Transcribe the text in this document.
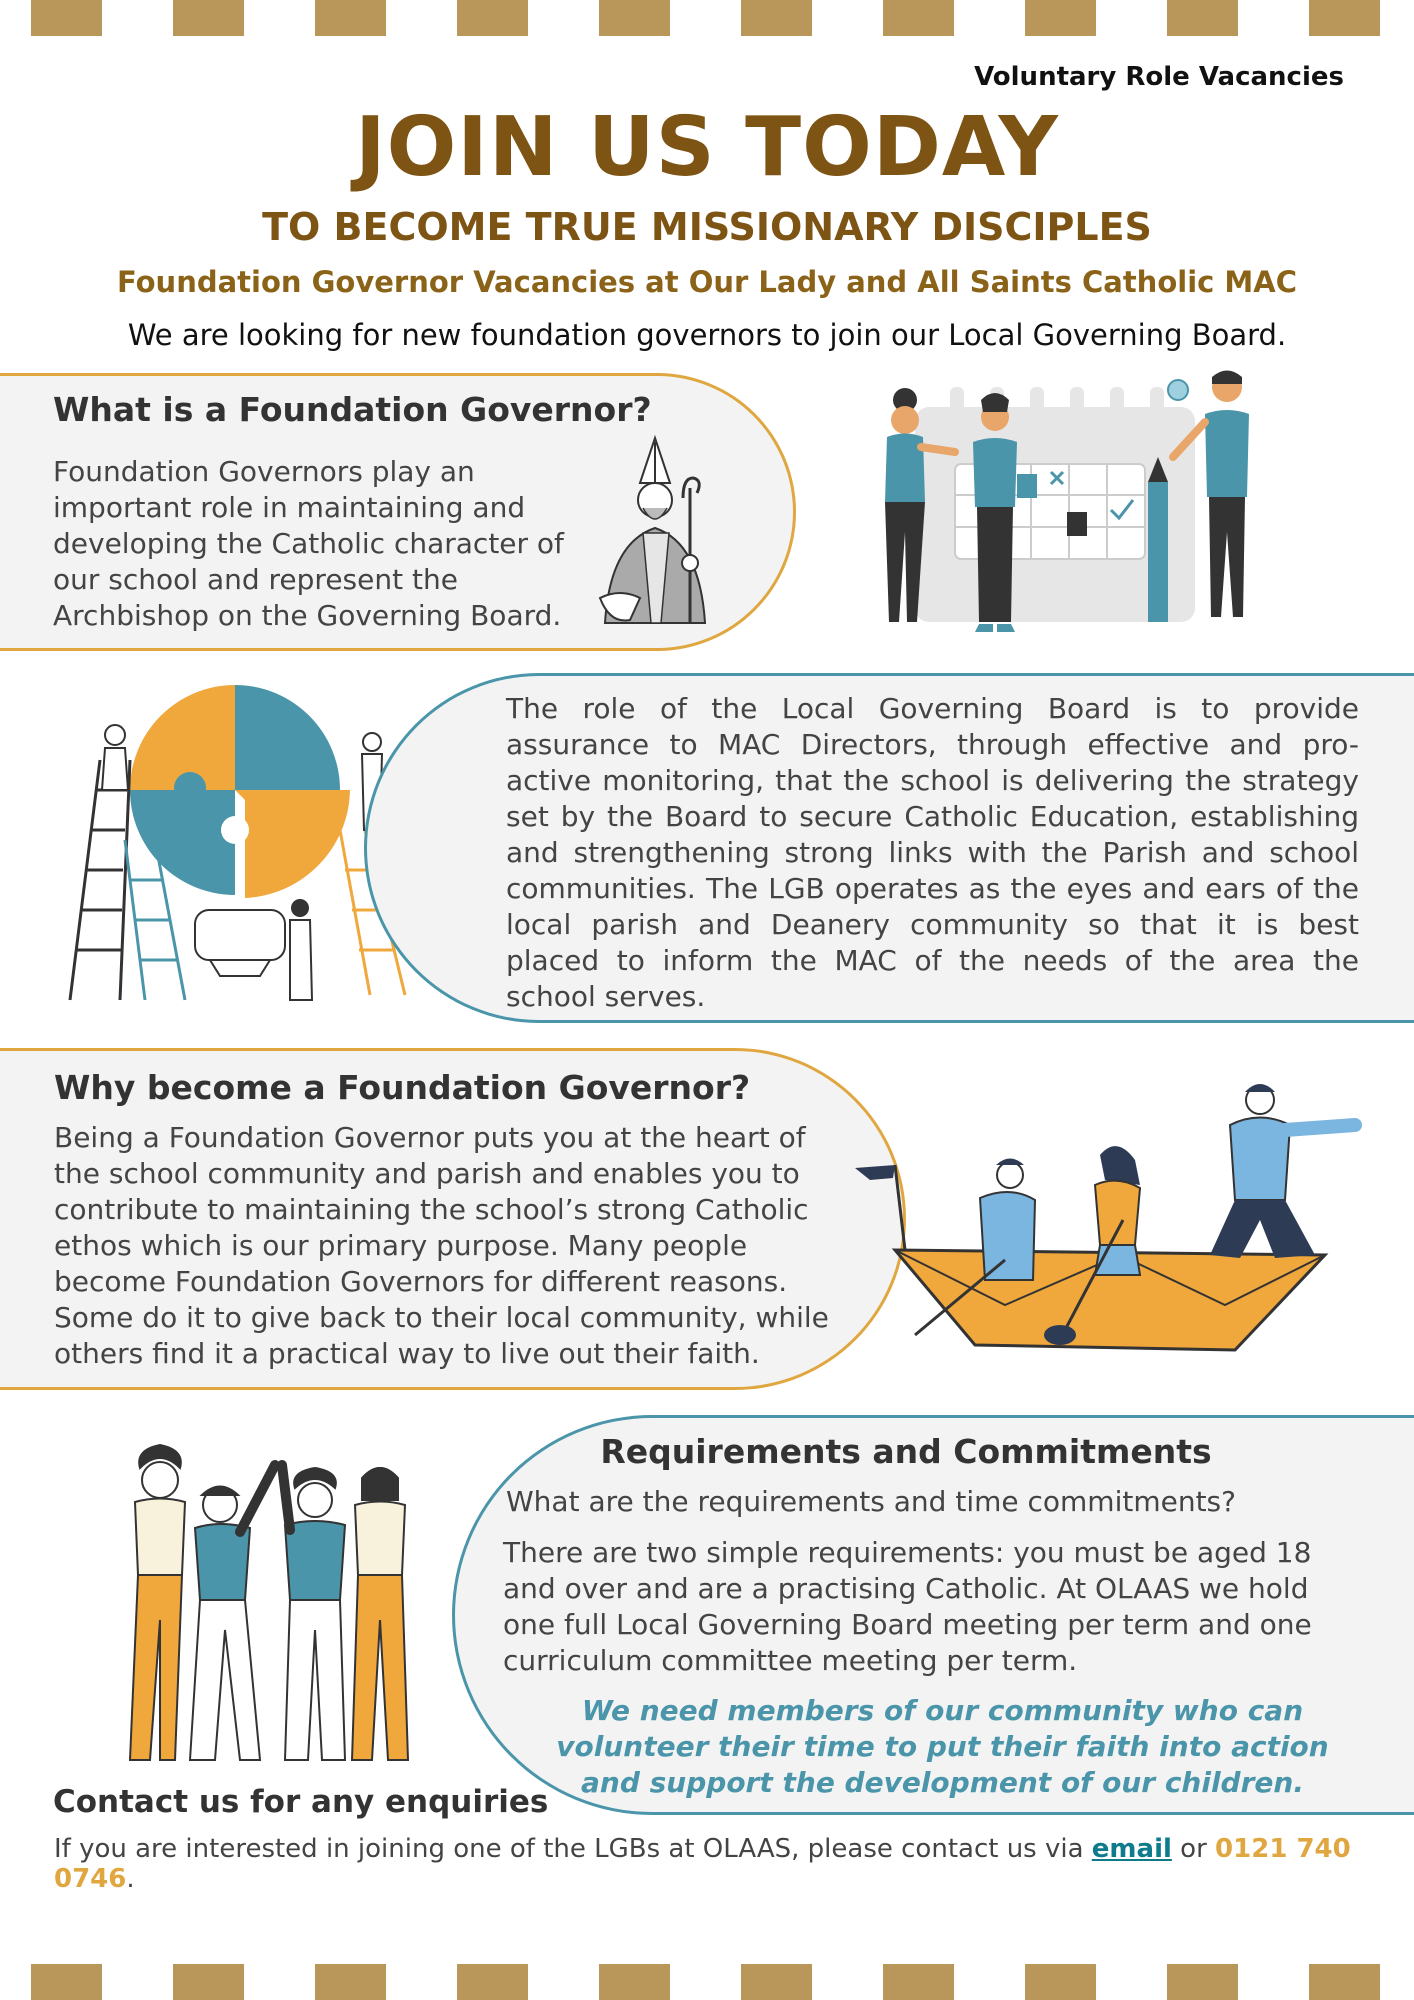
Voluntary Role Vacancies
JOIN US TODAY
TO BECOME TRUE MISSIONARY DISCIPLES
Foundation Governor Vacancies at Our Lady and All Saints Catholic MAC
We are looking for new foundation governors to join our Local Governing Board.
What is a Foundation Governor?
Foundation Governors play an important role in maintaining and developing the Catholic character of our school and represent the Archbishop on the Governing Board.
The role of the Local Governing Board is to provide assurance to MAC Directors, through effective and pro-active monitoring, that the school is delivering the strategy set by the Board to secure Catholic Education, establishing and strengthening strong links with the Parish and school communities. The LGB operates as the eyes and ears of the local parish and Deanery community so that it is best placed to inform the MAC of the needs of the area the school serves.
Why become a Foundation Governor?
Being a Foundation Governor puts you at the heart of the school community and parish and enables you to contribute to maintaining the school’s strong Catholic ethos which is our primary purpose. Many people become Foundation Governors for different reasons. Some do it to give back to their local community, while others find it a practical way to live out their faith.
Requirements and Commitments
What are the requirements and time commitments?
There are two simple requirements: you must be aged 18 and over and are a practising Catholic. At OLAAS we hold one full Local Governing Board meeting per term and one curriculum committee meeting per term.
We need members of our community who can volunteer their time to put their faith into action and support the development of our children.
Contact us for any enquiries
If you are interested in joining one of the LGBs at OLAAS, please contact us via email or 0121 740 0746.
